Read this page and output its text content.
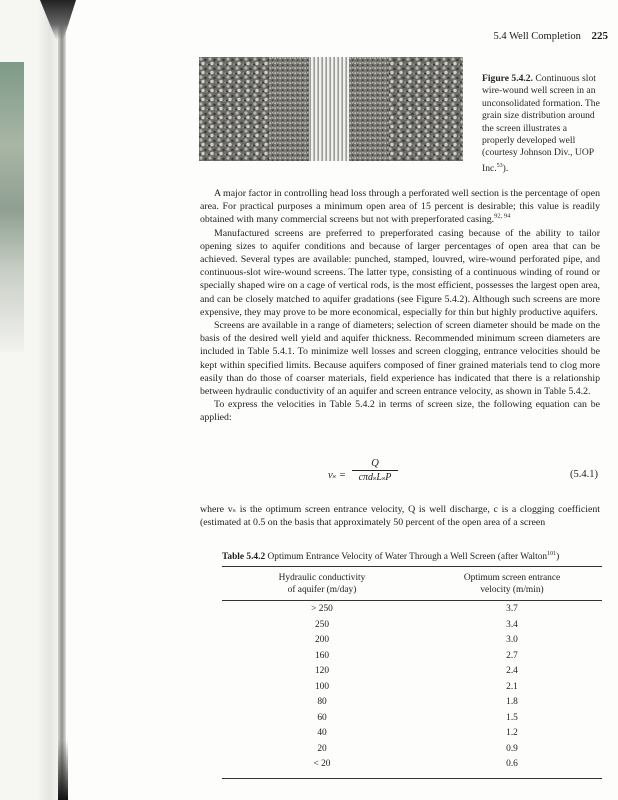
5.4 Well Completion 225
Figure 5.4.2. Continuous slot wire-wound well screen in an unconsolidated formation. The grain size distribution around the screen illustrates a properly developed well (courtesy Johnson Div., UOP Inc.$^{53}$).

A major factor in controlling head loss through a perforated well section is the percentage of open area. For practical purposes a minimum open area of 15 percent is desirable; this value is readily obtained with many commercial screens but not with preperforated casing.$^{92, 94}$

Manufactured screens are preferred to preperforated casing because of the ability to tailor opening sizes to aquifer conditions and because of larger percentages of open area that can be achieved. Several types are available: punched, stamped, louvred, wire-wound perforated pipe, and continuous-slot wire-wound screens. The latter type, consisting of a continuous winding of round or specially shaped wire on a cage of vertical rods, is the most efficient, possesses the largest open area, and can be closely matched to aquifer gradations (see Figure 5.4.2). Although such screens are more expensive, they may prove to be more economical, especially for thin but highly productive aquifers.

Screens are available in a range of diameters; selection of screen diameter should be made on the basis of the desired well yield and aquifer thickness. Recommended minimum screen diameters are included in Table 5.4.1. To minimize well losses and screen clogging, entrance velocities should be kept within specified limits. Because aquifers composed of finer grained materials tend to clog more easily than do those of coarser materials, field experience has indicated that there is a relationship between hydraulic conductivity of an aquifer and screen entrance velocity, as shown in Table 5.4.2.

To express the velocities in Table 5.4.2 in terms of screen size, the following equation can be applied:

vₛ =
Q
cπdₛLₛP	(5.4.1)

where vₛ is the optimum screen entrance velocity, Q is well discharge, c is a clogging coefficient (estimated at 0.5 on the basis that approximately 50 percent of the open area of a screen

Table 5.4.2 Optimum Entrance Velocity of Water Through a Well Screen (after Walton$^{101}$)
Hydraulic conductivity
of aquifer (m/day)
Optimum screen entrance
velocity (m/min)
> 250	3.7
250	3.4
200	3.0
160	2.7
120	2.4
100	2.1
80	1.8
60	1.5
40	1.2
20	0.9
< 20	0.6
